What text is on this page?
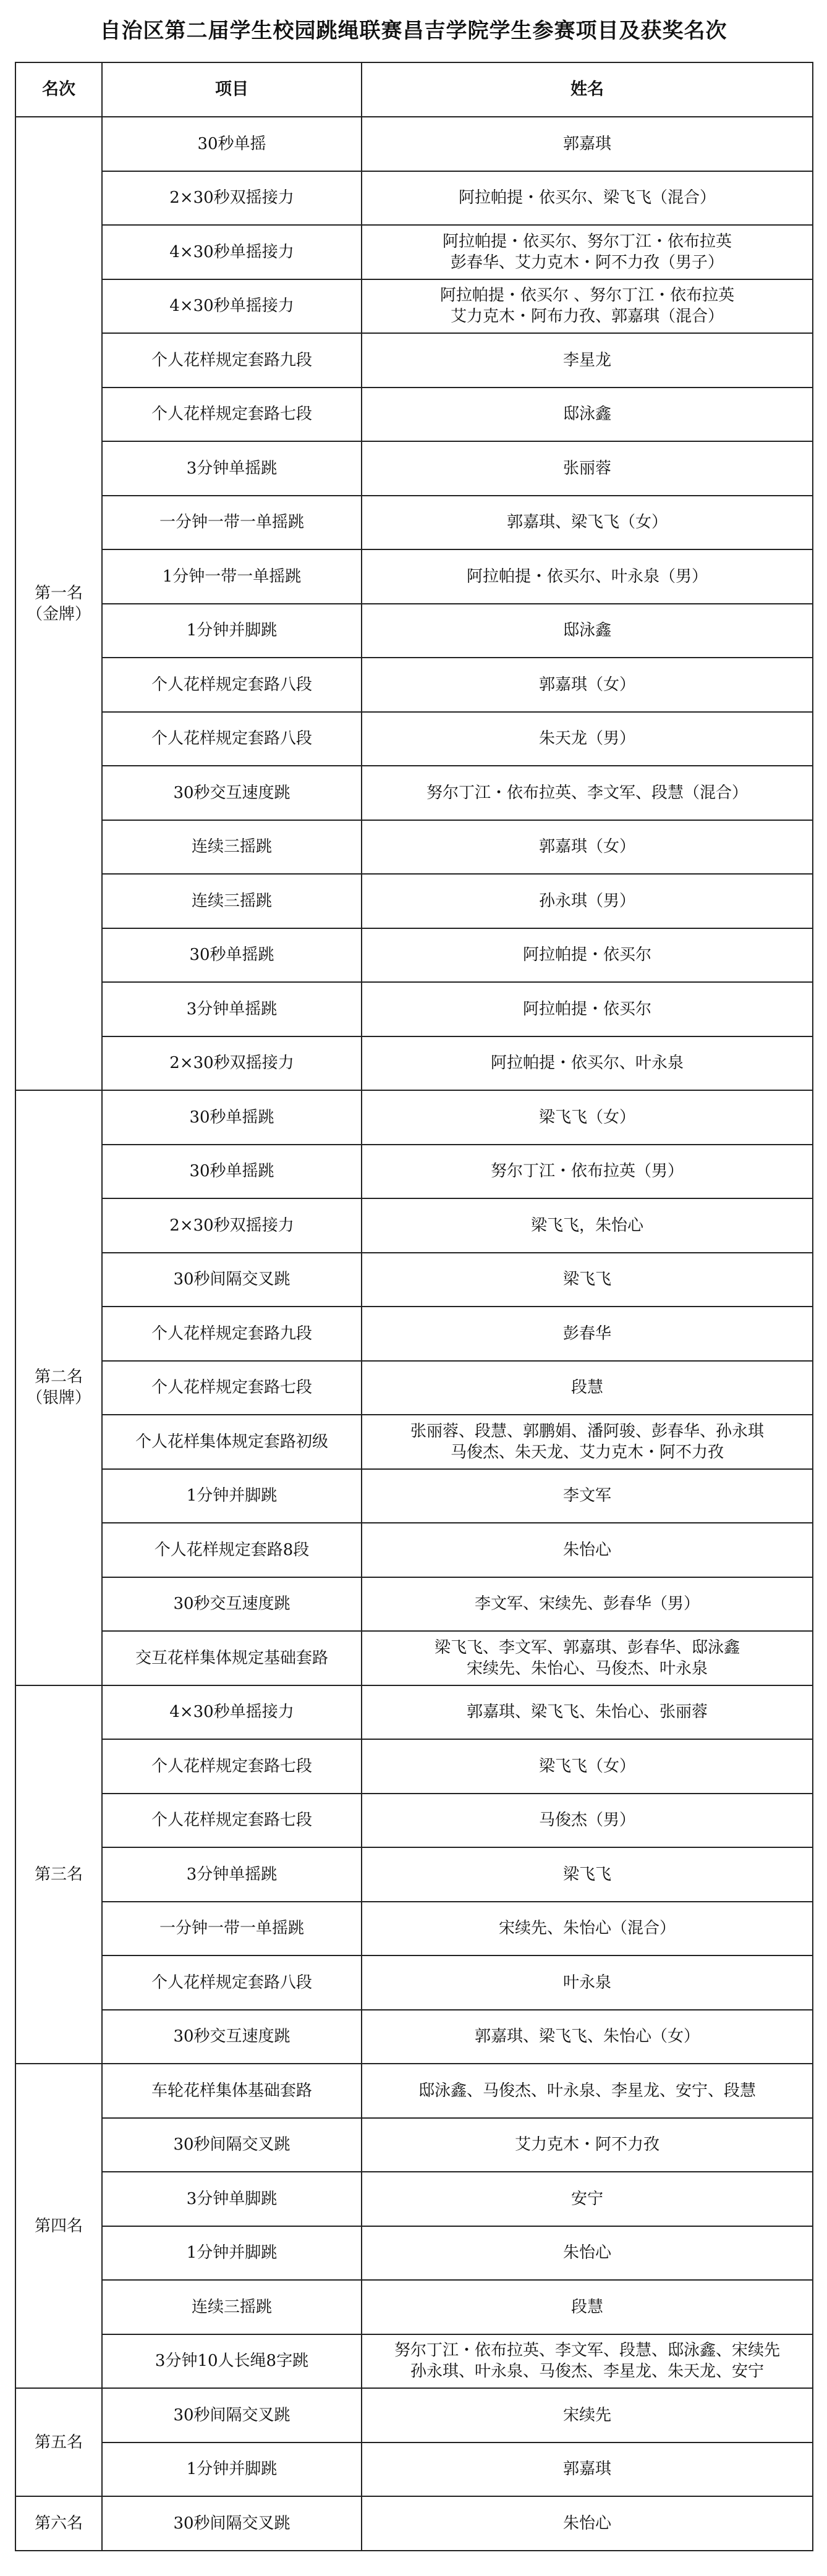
自治区第二届学生校园跳绳联赛昌吉学院学生参赛项目及获奖名次
名次	项目	姓名

第一名
（金牌）	30秒单摇	郭嘉琪

	2×30秒双摇接力	阿拉帕提・依买尔、梁飞飞（混合）

	4×30秒单摇接力	阿拉帕提・依买尔、努尔丁江・依布拉英
彭春华、艾力克木・阿不力孜（男子）

	4×30秒单摇接力	阿拉帕提・依买尔 、努尔丁江・依布拉英
艾力克木・阿布力孜、郭嘉琪（混合）

	个人花样规定套路九段	李星龙

	个人花样规定套路七段	邸泳鑫

	3分钟单摇跳	张丽蓉

	一分钟一带一单摇跳	郭嘉琪、梁飞飞（女）

	1分钟一带一单摇跳	阿拉帕提・依买尔、叶永泉（男）

	1分钟并脚跳	邸泳鑫

	个人花样规定套路八段	郭嘉琪（女）

	个人花样规定套路八段	朱天龙（男）

	30秒交互速度跳	努尔丁江・依布拉英、李文军、段慧（混合）

	连续三摇跳	郭嘉琪（女）

	连续三摇跳	孙永琪（男）

	30秒单摇跳	阿拉帕提・依买尔

	3分钟单摇跳	阿拉帕提・依买尔

	2×30秒双摇接力	阿拉帕提・依买尔、叶永泉

第二名
（银牌）	30秒单摇跳	梁飞飞（女）

	30秒单摇跳	努尔丁江・依布拉英（男）

	2×30秒双摇接力	梁飞飞，朱怡心

	30秒间隔交叉跳	梁飞飞

	个人花样规定套路九段	彭春华

	个人花样规定套路七段	段慧

	个人花样集体规定套路初级	张丽蓉、段慧、郭鹏娟、潘阿骏、彭春华、孙永琪
马俊杰、朱天龙、艾力克木・阿不力孜

	1分钟并脚跳	李文军

	个人花样规定套路8段	朱怡心

	30秒交互速度跳	李文军、宋续先、彭春华（男）

	交互花样集体规定基础套路	梁飞飞、李文军、郭嘉琪、彭春华、邸泳鑫
宋续先、朱怡心、马俊杰、叶永泉

第三名	4×30秒单摇接力	郭嘉琪、梁飞飞、朱怡心、张丽蓉

	个人花样规定套路七段	梁飞飞（女）

	个人花样规定套路七段	马俊杰（男）

	3分钟单摇跳	梁飞飞

	一分钟一带一单摇跳	宋续先、朱怡心（混合）

	个人花样规定套路八段	叶永泉

	30秒交互速度跳	郭嘉琪、梁飞飞、朱怡心（女）

第四名	车轮花样集体基础套路	邸泳鑫、马俊杰、叶永泉、李星龙、安宁、段慧

	30秒间隔交叉跳	艾力克木・阿不力孜

	3分钟单脚跳	安宁

	1分钟并脚跳	朱怡心

	连续三摇跳	段慧

	3分钟10人长绳8字跳	努尔丁江・依布拉英、李文军、段慧、邸泳鑫、宋续先
孙永琪、叶永泉、马俊杰、李星龙、朱天龙、安宁

第五名	30秒间隔交叉跳	宋续先

	1分钟并脚跳	郭嘉琪

第六名	30秒间隔交叉跳	朱怡心
